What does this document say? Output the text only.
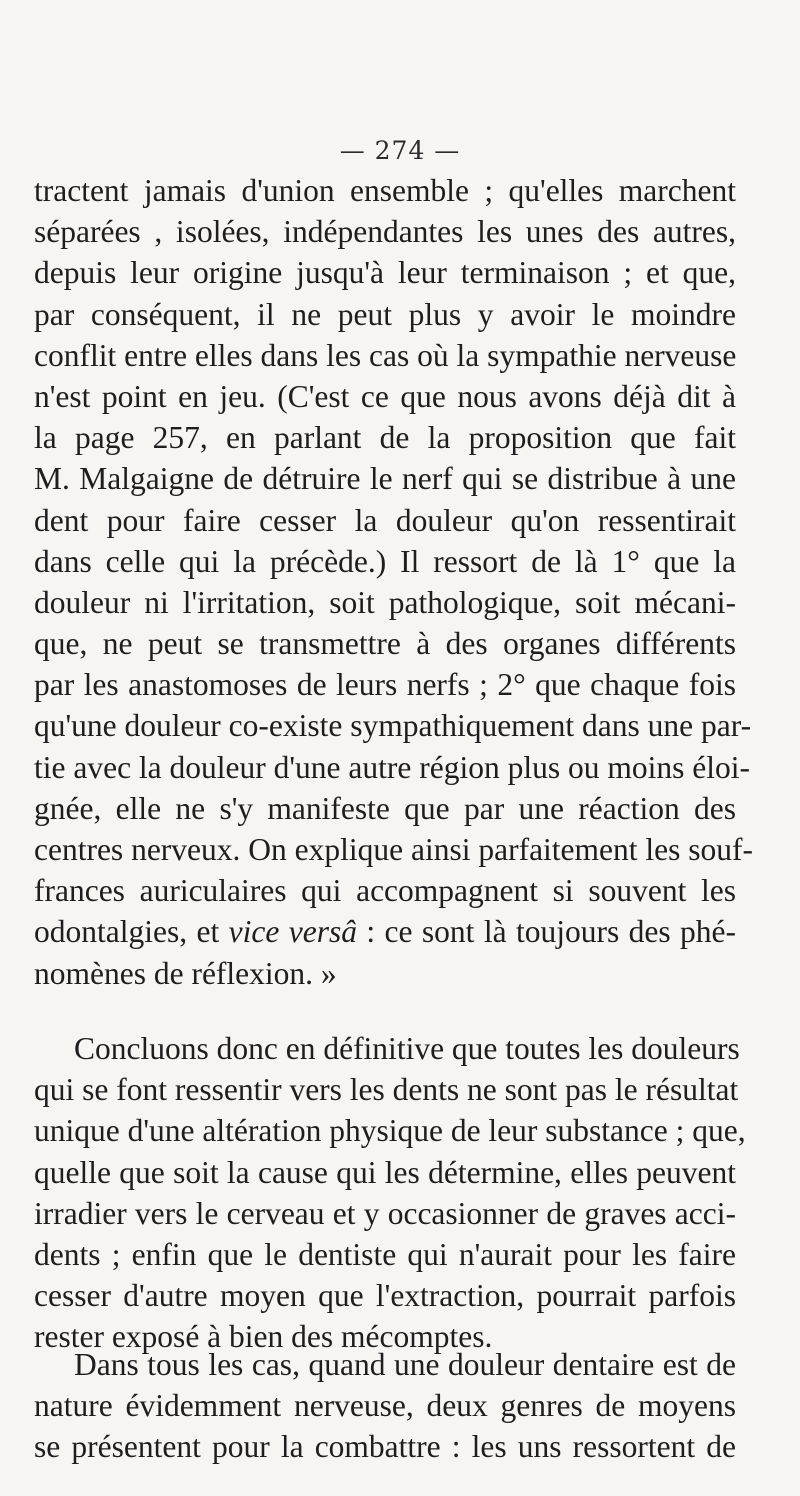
— 274 —
tractent jamais d'union ensemble ; qu'elles marchent
séparées , isolées, indépendantes les unes des autres,
depuis leur origine jusqu'à leur terminaison ; et que,
par conséquent, il ne peut plus y avoir le moindre
conflit entre elles dans les cas où la sympathie nerveuse
n'est point en jeu. (C'est ce que nous avons déjà dit à
la page 257, en parlant de la proposition que fait
M. Malgaigne de détruire le nerf qui se distribue à une
dent pour faire cesser la douleur qu'on ressentirait
dans celle qui la précède.) Il ressort de là 1° que la
douleur ni l'irritation, soit pathologique, soit mécani-
que, ne peut se transmettre à des organes différents
par les anastomoses de leurs nerfs ; 2° que chaque fois
qu'une douleur co-existe sympathiquement dans une par-
tie avec la douleur d'une autre région plus ou moins éloi-
gnée, elle ne s'y manifeste que par une réaction des
centres nerveux. On explique ainsi parfaitement les souf-
frances auriculaires qui accompagnent si souvent les
odontalgies, et vice versâ : ce sont là toujours des phé-
nomènes de réflexion. »
Concluons donc en définitive que toutes les douleurs
qui se font ressentir vers les dents ne sont pas le résultat
unique d'une altération physique de leur substance ; que,
quelle que soit la cause qui les détermine, elles peuvent
irradier vers le cerveau et y occasionner de graves acci-
dents ; enfin que le dentiste qui n'aurait pour les faire
cesser d'autre moyen que l'extraction, pourrait parfois
rester exposé à bien des mécomptes.
Dans tous les cas, quand une douleur dentaire est de
nature évidemment nerveuse, deux genres de moyens
se présentent pour la combattre : les uns ressortent de
